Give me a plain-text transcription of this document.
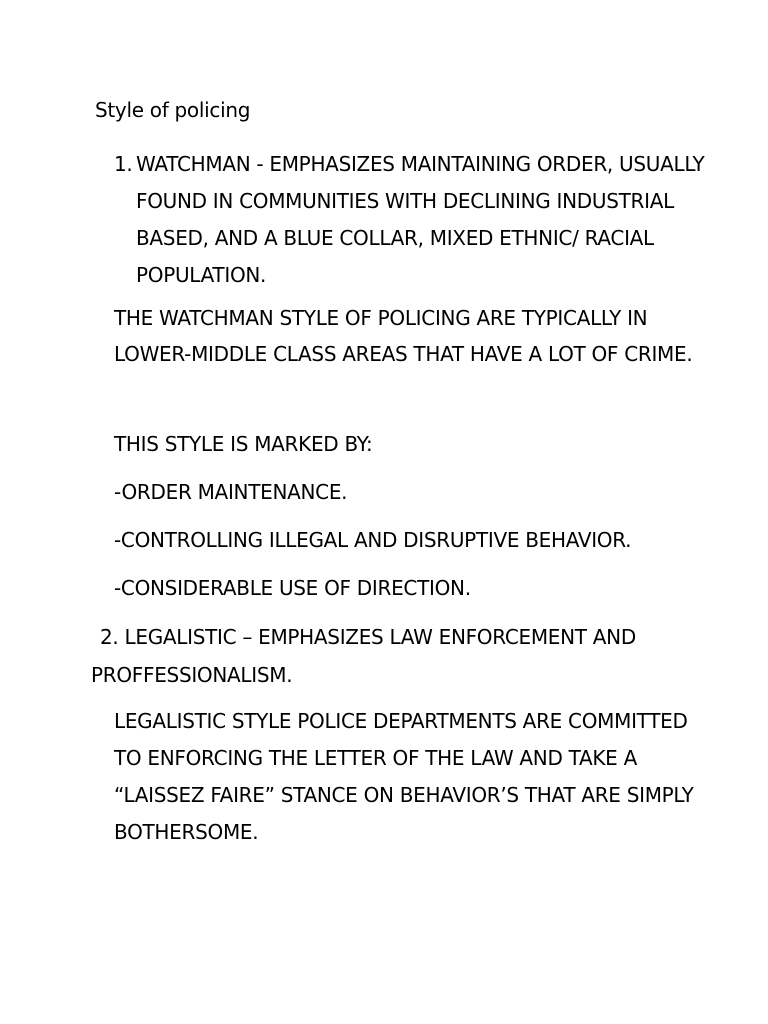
Style of policing
1. WATCHMAN - EMPHASIZES MAINTAINING ORDER, USUALLY FOUND IN COMMUNITIES WITH DECLINING INDUSTRIAL BASED, AND A BLUE COLLAR, MIXED ETHNIC/ RACIAL POPULATION.
THE WATCHMAN STYLE OF POLICING ARE TYPICALLY IN LOWER-MIDDLE CLASS AREAS THAT HAVE A LOT OF CRIME.
THIS STYLE IS MARKED BY:
-ORDER MAINTENANCE.
-CONTROLLING ILLEGAL AND DISRUPTIVE BEHAVIOR.
-CONSIDERABLE USE OF DIRECTION.
2. LEGALISTIC – EMPHASIZES LAW ENFORCEMENT AND
PROFFESSIONALISM.
LEGALISTIC STYLE POLICE DEPARTMENTS ARE COMMITTED TO ENFORCING THE LETTER OF THE LAW AND TAKE A “LAISSEZ FAIRE” STANCE ON BEHAVIOR’S THAT ARE SIMPLY BOTHERSOME.
